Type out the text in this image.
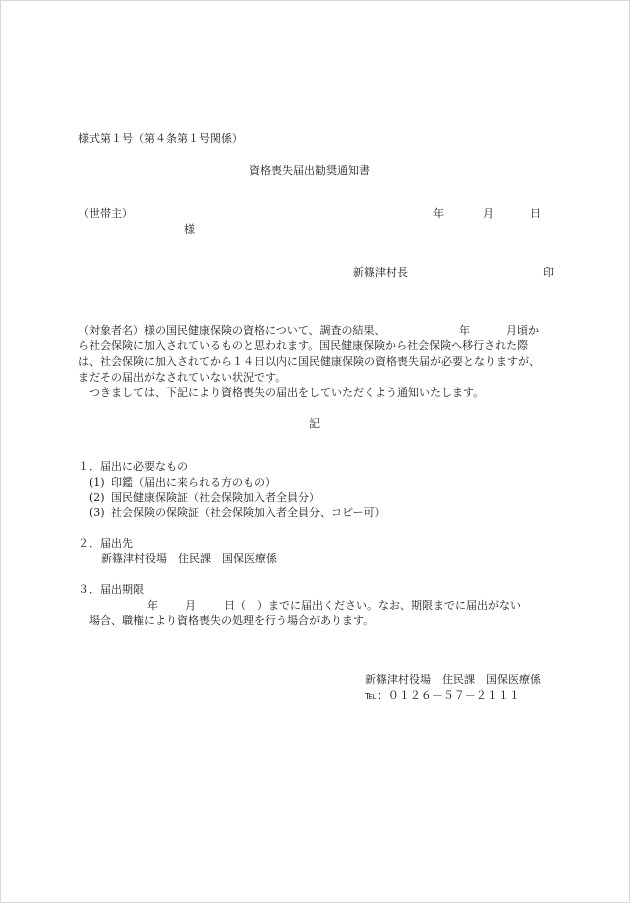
様式第１号（第４条第１号関係）
資格喪失届出勧奨通知書
（世帯主）	年	月	日
様
新篠津村長	印
（対象者名）様の国民健康保険の資格について、調査の結果、	年	月頃か
ら社会保険に加入されているものと思われます。国民健康保険から社会保険へ移行された際は、社会保険に加入されてから１４日以内に国民健康保険の資格喪失届が必要となりますが、まだその届出がなされていない状況です。
つきましては、下記により資格喪失の届出をしていただくよう通知いたします。
記
１．届出に必要なもの
(1) 印鑑（届出に来られる方のもの）
(2) 国民健康保険証（社会保険加入者全員分）
(3) 社会保険の保険証（社会保険加入者全員分、コピー可）
２．届出先
新篠津村役場　住民課　国保医療係
３．届出期限
年 月	日（　）までに届出ください。なお、期限までに届出がない
場合、職権により資格喪失の処理を行う場合があります。
新篠津村役場　住民課　国保医療係
℡：０１２６－５７－２１１１
